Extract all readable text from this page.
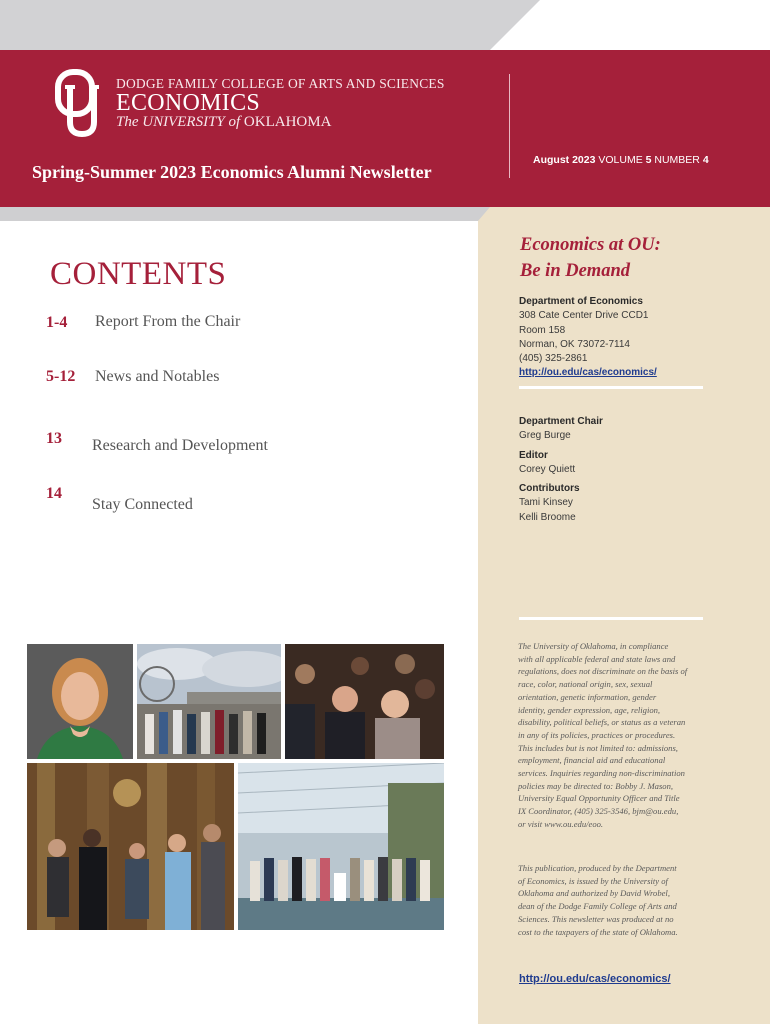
DODGE FAMILY COLLEGE OF ARTS AND SCIENCES
ECONOMICS
The UNIVERSITY of OKLAHOMA
Spring-Summer 2023 Economics Alumni Newsletter
August 2023 VOLUME 5 NUMBER 4
Economics at OU:
Be in Demand
Department of Economics
308 Cate Center Drive CCD1
Room 158
Norman, OK 73072-7114
(405) 325-2861
http://ou.edu/cas/economics/
Department Chair
Greg Burge
Editor
Corey Quiett
Contributors
Tami Kinsey
Kelli Broome
The University of Oklahoma, in compliance
with all applicable federal and state laws and
regulations, does not discriminate on the basis of
race, color, national origin, sex, sexual
orientation, genetic information, gender
identity, gender expression, age, religion,
disability, political beliefs, or status as a veteran
in any of its policies, practices or procedures.
This includes but is not limited to: admissions,
employment, financial aid and educational
services. Inquiries regarding non-discrimination
policies may be directed to: Bobby J. Mason,
University Equal Opportunity Officer and Title
IX Coordinator, (405) 325-3546, bjm@ou.edu,
or visit www.ou.edu/eoo.
This publication, produced by the Department
of Economics, is issued by the University of
Oklahoma and authorized by David Wrobel,
dean of the Dodge Family College of Arts and
Sciences. This newsletter was produced at no
cost to the taxpayers of the state of Oklahoma.
http://ou.edu/cas/economics/
CONTENTS
1-4 Report From the Chair
5-12 News and Notables
13 Research and Development
14
Stay Connected
